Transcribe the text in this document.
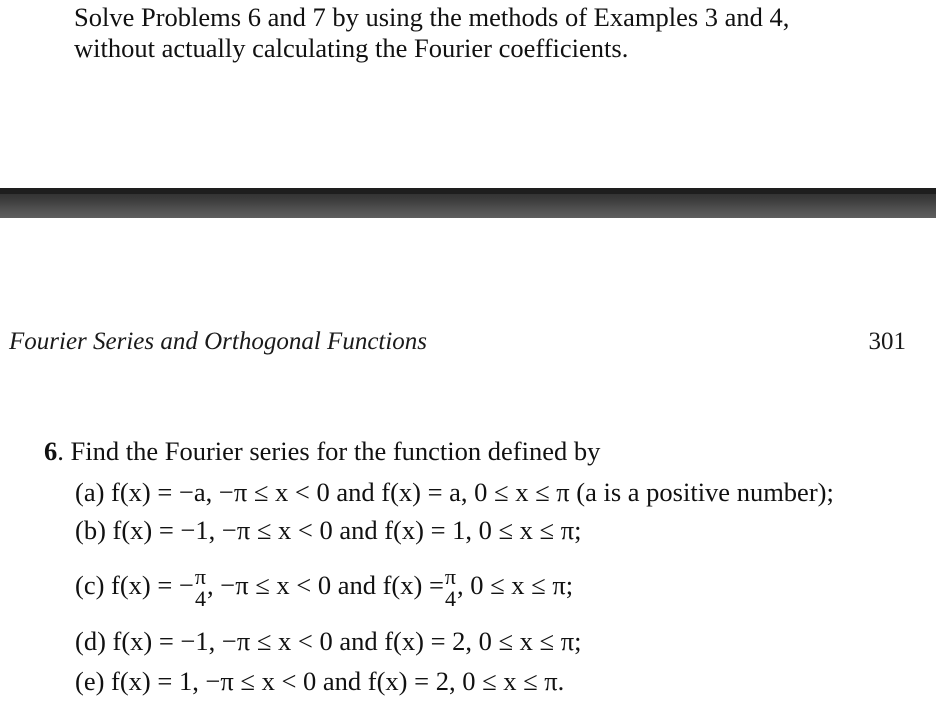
Solve Problems 6 and 7 by using the methods of Examples 3 and 4,
without actually calculating the Fourier coefficients.
Fourier Series and Orthogonal Functions	301
6. Find the Fourier series for the function defined by
(a) f(x) = −a, −π ≤ x < 0 and f(x) = a, 0 ≤ x ≤ π (a is a positive number);
(b) f(x) = −1, −π ≤ x < 0 and f(x) = 1, 0 ≤ x ≤ π;
(c) f(x) = − π
4 , −π ≤ x < 0 and f(x) = π
4 , 0 ≤ x ≤ π;
(d) f(x) = −1, −π ≤ x < 0 and f(x) = 2, 0 ≤ x ≤ π;
(e) f(x) = 1, −π ≤ x < 0 and f(x) = 2, 0 ≤ x ≤ π.
